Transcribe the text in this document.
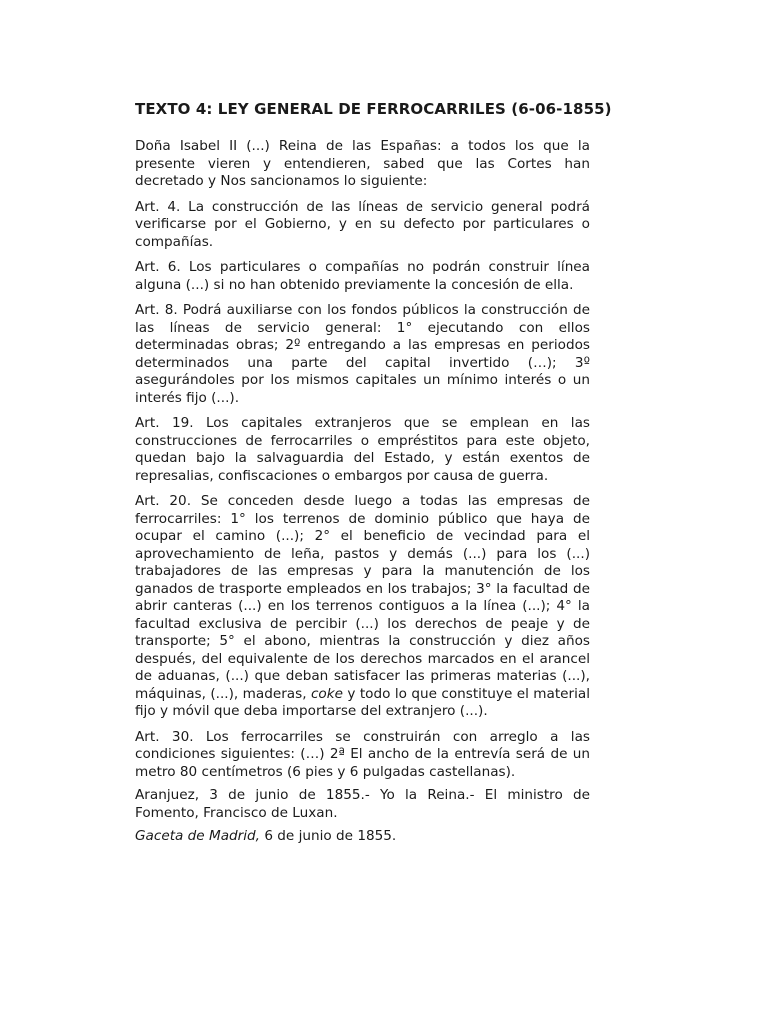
TEXTO 4: LEY GENERAL DE FERROCARRILES (6-06-1855)

Doña Isabel II (...) Reina de las Españas: a todos los que la presente vieren y entendieren, sabed que las Cortes han decretado y Nos sancionamos lo siguiente:

Art. 4. La construcción de las líneas de servicio general podrá verificarse por el Gobierno, y en su defecto por particulares o compañías.

Art. 6. Los particulares o compañías no podrán construir línea alguna (...) si no han obtenido previamente la concesión de ella.

Art. 8. Podrá auxiliarse con los fondos públicos la construcción de las líneas de servicio general: 1° ejecutando con ellos determinadas obras; 2º entregando a las empresas en periodos determinados una parte del capital invertido (…); 3º asegurándoles por los mismos capitales un mínimo interés o un interés fijo (...).

Art. 19. Los capitales extranjeros que se emplean en las construcciones de ferrocarriles o empréstitos para este objeto, quedan bajo la salvaguardia del Estado, y están exentos de represalias, confiscaciones o embargos por causa de guerra.

Art. 20. Se conceden desde luego a todas las empresas de ferrocarriles: 1° los terrenos de dominio público que haya de ocupar el camino (...); 2° el beneficio de vecindad para el aprovechamiento de leña, pastos y demás (...) para los (...) trabajadores de las empresas y para la manutención de los ganados de trasporte empleados en los trabajos; 3° la facultad de abrir canteras (...) en los terrenos contiguos a la línea (...); 4° la facultad exclusiva de percibir (...) los derechos de peaje y de transporte; 5° el abono, mientras la construcción y diez años después, del equivalente de los derechos marcados en el arancel de aduanas, (...) que deban satisfacer las primeras materias (...), máquinas, (...), maderas, coke y todo lo que constituye el material fijo y móvil que deba importarse del extranjero (...).

Art. 30. Los ferrocarriles se construirán con arreglo a las condiciones siguientes: (…) 2ª El ancho de la entrevía será de un metro 80 centímetros (6 pies y 6 pulgadas castellanas).

Aranjuez, 3 de junio de 1855.- Yo la Reina.- El ministro de Fomento, Francisco de Luxan.

Gaceta de Madrid, 6 de junio de 1855.
